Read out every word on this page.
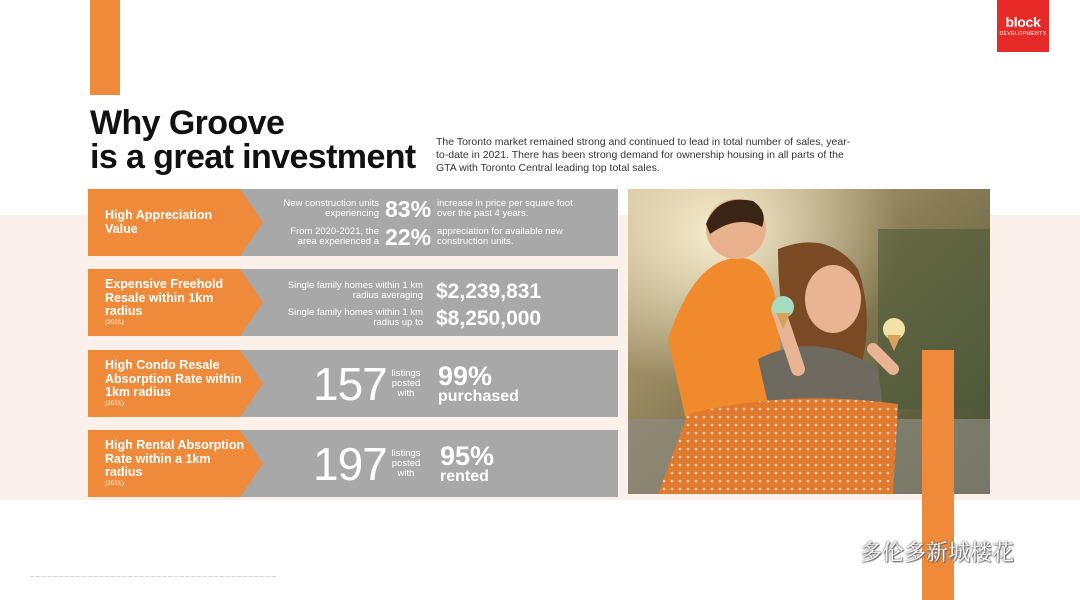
block
DEVELOPMENTS
Why Groove
is a great investment The Toronto market remained strong and continued to lead in total number of sales, year-to-date in 2021. There has been strong demand for ownership housing in all parts of the GTA with Toronto Central leading top total sales.

High Appreciation Value
New construction units experiencing 83% increase in price per square foot over the past 4 years.
From 2020-2021, the area experienced a 22% appreciation for available new construction units.
Expensive Freehold Resale within 1km radius
(2021)
Single family homes within 1 km radius averaging $2,239,831
Single family homes within 1 km radius up to $8,250,000
High Condo Resale Absorption Rate within 1km radius
(2021)	157 listings posted with
99%
purchased
High Rental Absorption Rate within a 1km radius
(2021)	197 listings posted with
95%
rented
— — — — — — — — — — — — — — — — — — — — — — — — — — — — — — — — — — — — — — — — — — —
多伦多新城楼花
